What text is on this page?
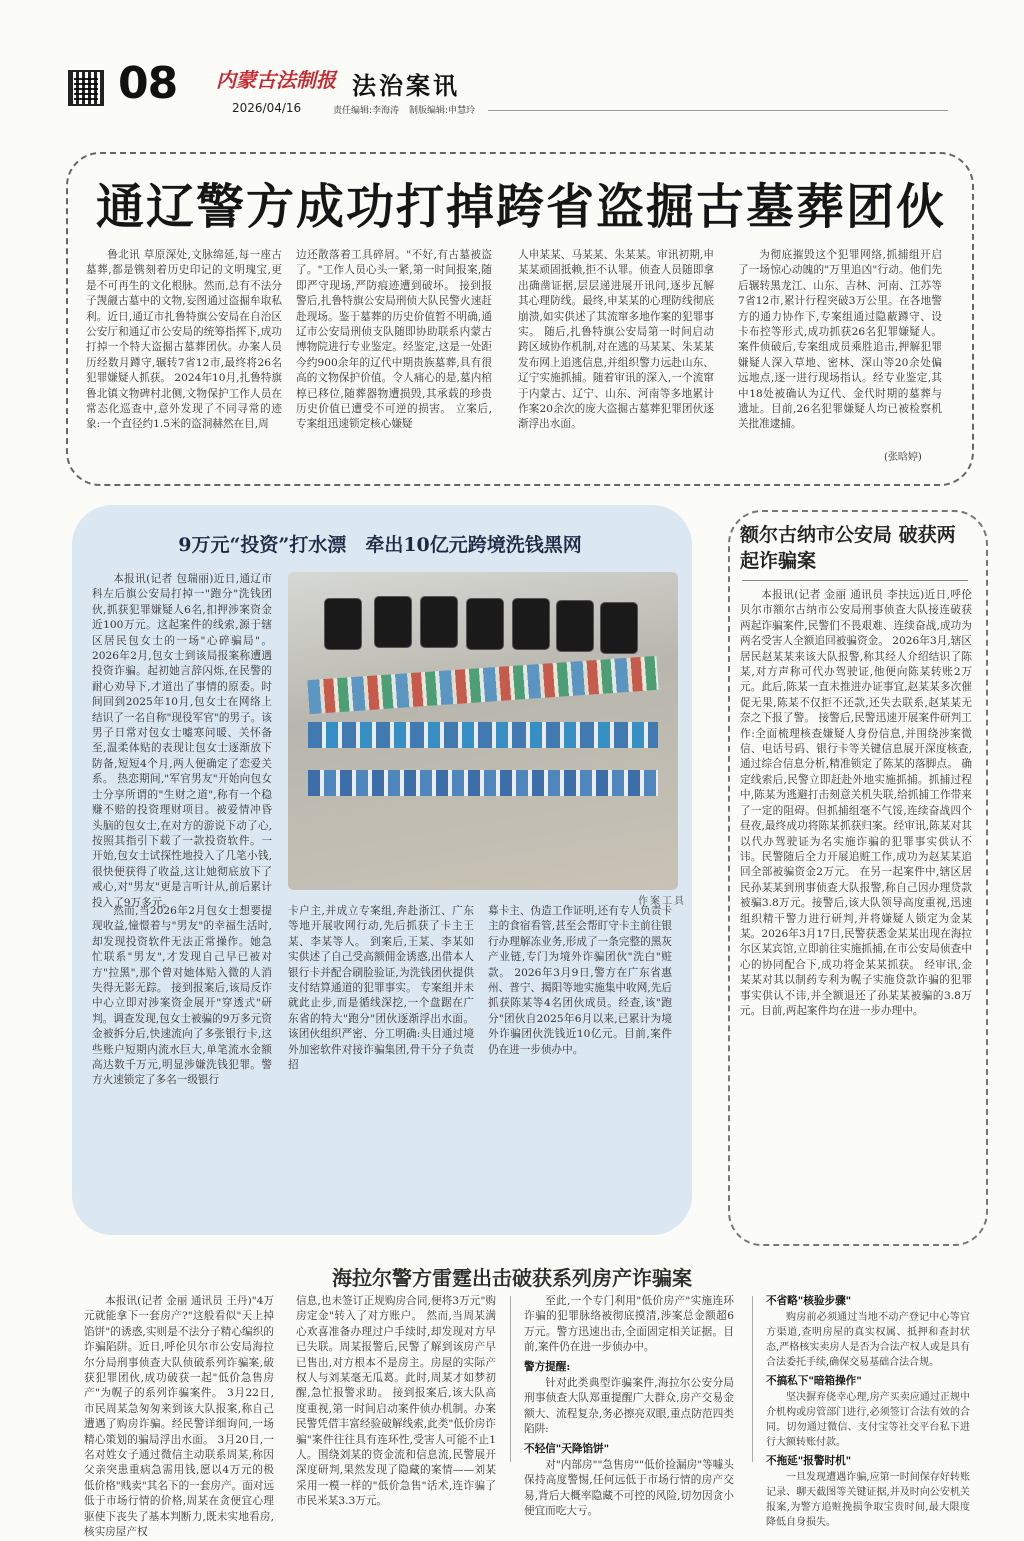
08 内蒙古法制报
2026/04/16
法治案讯
责任编辑:李海涛 制版编辑:申慧玲
通辽警方成功打掉跨省盗掘古墓葬团伙

鲁北讯 草原深处,文脉绵延,每一座古墓葬,都是镌刻着历史印记的文明瑰宝,更是不可再生的文化根脉。然而,总有不法分子觊觎古墓中的文物,妄图通过盗掘牟取私利。近日,通辽市扎鲁特旗公安局在自治区公安厅和通辽市公安局的统筹指挥下,成功打掉一个特大盗掘古墓葬团伙。办案人员历经数月蹲守,辗转7省12市,最终将26名犯罪嫌疑人抓获。 2024年10月,扎鲁特旗鲁北镇文物碑村北侧,文物保护工作人员在常态化巡查中,意外发现了不同寻常的迹象:一个直径约1.5米的盗洞赫然在目,周

边还散落着工具碎屑。"不好,有古墓被盗了。"工作人员心头一紧,第一时间报案,随即严守现场,严防痕迹遭到破坏。 接到报警后,扎鲁特旗公安局刑侦大队民警火速赶赴现场。鉴于墓葬的历史价值暂不明确,通辽市公安局刑侦支队随即协助联系内蒙古博物院进行专业鉴定。经鉴定,这是一处距今约900余年的辽代中期贵族墓葬,具有很高的文物保护价值。令人痛心的是,墓内棺椁已移位,随葬器物遭损毁,其承载的珍贵历史价值已遭受不可逆的损害。 立案后,专案组迅速锁定核心嫌疑

人申某某、马某某、朱某某。审讯初期,申某某顽固抵赖,拒不认罪。侦查人员随即拿出确凿证据,层层递进展开讯问,逐步瓦解其心理防线。最终,申某某的心理防线彻底崩溃,如实供述了其流窜多地作案的犯罪事实。 随后,扎鲁特旗公安局第一时间启动跨区域协作机制,对在逃的马某某、朱某某发布网上追逃信息,并组织警力远赴山东、辽宁实施抓捕。随着审讯的深入,一个流窜于内蒙古、辽宁、山东、河南等多地累计作案20余次的庞大盗掘古墓葬犯罪团伙逐渐浮出水面。

为彻底摧毁这个犯罪网络,抓捕组开启了一场惊心动魄的"万里追凶"行动。他们先后辗转黑龙江、山东、吉林、河南、江苏等7省12市,累计行程突破3万公里。在各地警方的通力协作下,专案组通过隐蔽蹲守、设卡布控等形式,成功抓获26名犯罪嫌疑人。 案件侦破后,专案组成员乘胜追击,押解犯罪嫌疑人深入草地、密林、深山等20余处偏远地点,逐一进行现场指认。经专业鉴定,其中18处被确认为辽代、金代时期的墓葬与遗址。目前,26名犯罪嫌疑人均已被检察机关批准逮捕。

(张晗婷)
9万元“投资”打水漂　牵出10亿元跨境洗钱黑网

本报讯(记者 包瑞丽)近日,通辽市科左后旗公安局打掉一"跑分"洗钱团伙,抓获犯罪嫌疑人6名,扣押涉案资金近100万元。这起案件的线索,源于辖区居民包女士的一场"心碎骗局"。 2026年2月,包女士到该局报案称遭遇投资诈骗。起初她言辞闪烁,在民警的耐心劝导下,才道出了事情的原委。时间回到2025年10月,包女士在网络上结识了一名自称"现役军官"的男子。该男子日常对包女士嘘寒问暖、关怀备至,温柔体贴的表现让包女士逐渐放下防备,短短4个月,两人便确定了恋爱关系。 热恋期间,"军官男友"开始向包女士分享所谓的"生财之道",称有一个稳赚不赔的投资理财项目。被爱情冲昏头脑的包女士,在对方的游说下动了心,按照其指引下载了一款投资软件。一开始,包女士试探性地投入了几笔小钱,很快便获得了收益,这让她彻底放下了戒心,对"男友"更是言听计从,前后累计投入了9万多元。	作案工具

然而,当2026年2月包女士想要提现收益,憧憬着与"男友"的幸福生活时,却发现投资软件无法正常操作。她急忙联系"男友",才发现自己早已被对方"拉黑",那个曾对她体贴入微的人消失得无影无踪。 接到报案后,该局反诈中心立即对涉案资金展开"穿透式"研判。调查发现,包女士被骗的9万多元资金被拆分后,快速流向了多张银行卡,这些账户短期内流水巨大,单笔流水金额高达数千万元,明显涉嫌洗钱犯罪。警方火速锁定了多名一级银行

卡户主,并成立专案组,奔赴浙江、广东等地开展收网行动,先后抓获了卡主王某、李某等人。 到案后,王某、李某如实供述了自己受高额佣金诱惑,出借本人银行卡并配合刷脸验证,为洗钱团伙提供支付结算通道的犯罪事实。 专案组并未就此止步,而是循线深挖,一个盘踞在广东省的特大"跑分"团伙逐渐浮出水面。该团伙组织严密、分工明确:头目通过境外加密软件对接诈骗集团,骨干分子负责招

募卡主、伪造工作证明,还有专人负责卡主的食宿看管,甚至会帮盯守卡主前往银行办理解冻业务,形成了一条完整的黑灰产业链,专门为境外诈骗团伙"洗白"赃款。 2026年3月9日,警方在广东省惠州、普宁、揭阳等地实施集中收网,先后抓获陈某等4名团伙成员。经查,该"跑分"团伙自2025年6月以来,已累计为境外诈骗团伙洗钱近10亿元。目前,案件仍在进一步侦办中。

额尔古纳市公安局 破获两起诈骗案

本报讯(记者 金丽 通讯员 李扶远)近日,呼伦贝尔市额尔古纳市公安局刑事侦查大队接连破获两起诈骗案件,民警们不畏艰难、连续奋战,成功为两名受害人全额追回被骗资金。 2026年3月,辖区居民赵某某来该大队报警,称其经人介绍结识了陈某,对方声称可代办驾驶证,他便向陈某转账2万元。此后,陈某一直未推进办证事宜,赵某某多次催促无果,陈某不仅拒不还款,还失去联系,赵某某无奈之下报了警。 接警后,民警迅速开展案件研判工作:全面梳理核查嫌疑人身份信息,并围绕涉案微信、电话号码、银行卡等关键信息展开深度核查,通过综合信息分析,精准锁定了陈某的落脚点。 确定线索后,民警立即赶赴外地实施抓捕。抓捕过程中,陈某为逃避打击刻意关机失联,给抓捕工作带来了一定的阻碍。但抓捕组毫不气馁,连续奋战四个昼夜,最终成功将陈某抓获归案。经审讯,陈某对其以代办驾驶证为名实施诈骗的犯罪事实供认不讳。民警随后全力开展追赃工作,成功为赵某某追回全部被骗资金2万元。 在另一起案件中,辖区居民孙某某到刑事侦查大队报警,称自己因办理贷款被骗3.8万元。接警后,该大队领导高度重视,迅速组织精干警力进行研判,并将嫌疑人锁定为金某某。2026年3月17日,民警获悉金某某出现在海拉尔区某宾馆,立即前往实施抓捕,在市公安局侦查中心的协同配合下,成功将金某某抓获。 经审讯,金某某对其以制药专利为幌子实施贷款诈骗的犯罪事实供认不讳,并全额退还了孙某某被骗的3.8万元。目前,两起案件均在进一步办理中。

海拉尔警方雷霆出击破获系列房产诈骗案

本报讯(记者 金丽 通讯员 王丹)"4万元就能拿下一套房产?"这般看似"天上掉馅饼"的诱惑,实则是不法分子精心编织的诈骗陷阱。近日,呼伦贝尔市公安局海拉尔分局刑事侦查大队侦破系列诈骗案,破获犯罪团伙,成功破获一起"低价急售房产"为幌子的系列诈骗案件。 3月22日,市民周某急匆匆来到该大队报案,称自己遭遇了购房诈骗。经民警详细询问,一场精心策划的骗局浮出水面。 3月20日,一名对姓女子通过微信主动联系周某,称因父亲突患重病急需用钱,愿以4万元的极低价格"贱卖"其名下的一套房产。面对远低于市场行情的价格,周某在贪便宜心理驱使下丧失了基本判断力,既未实地看房,核实房屋产权

信息,也未签订正规购房合同,便将3万元"购房定金"转入了对方账户。 然而,当周某满心欢喜准备办理过户手续时,却发现对方早已失联。周某报警后,民警了解到该房产早已售出,对方根本不是房主。房屋的实际产权人与刘某毫无瓜葛。此时,周某才如梦初醒,急忙报警求助。 接到报案后,该大队高度重视,第一时间启动案件侦办机制。办案民警凭借丰富经验破解线索,此类"低价房诈骗"案件往往具有连环性,受害人可能不止1人。围绕刘某的资金流和信息流,民警展开深度研判,果然发现了隐藏的案情——刘某采用一模一样的"低价急售"话术,连诈骗了市民米某3.3万元。

至此,一个专门利用"低价房产"实施连环诈骗的犯罪脉络被彻底摸清,涉案总金额超6万元。警方迅速出击,全面固定相关证据。目前,案件仍在进一步侦办中。

警方提醒:

针对此类典型诈骗案件,海拉尔公安分局刑事侦查大队郑重提醒广大群众,房产交易金额大、流程复杂,务必擦亮双眼,重点防范四类陷阱:

不轻信"天降馅饼"

对"内部房""急售房""低价捡漏房"等噱头保持高度警惕,任何远低于市场行情的房产交易,背后大概率隐藏不可控的风险,切勿因贪小便宜而吃大亏。

不省略"核验步骤"

购房前必须通过当地不动产登记中心等官方渠道,查明房屋的真实权属、抵押和查封状态,严格核实卖房人是否为合法产权人或是具有合法委托手续,确保交易基础合法合规。

不搞私下"暗箱操作"

坚决摒弃侥幸心理,房产买卖应通过正规中介机构或房管部门进行,必须签订合法有效的合同。切勿通过微信、支付宝等社交平台私下进行大额转账付款。

不拖延"报警时机"

一旦发现遭遇诈骗,应第一时间保存好转账记录、聊天截图等关键证据,并及时向公安机关报案,为警方追赃挽损争取宝贵时间,最大限度降低自身损失。
